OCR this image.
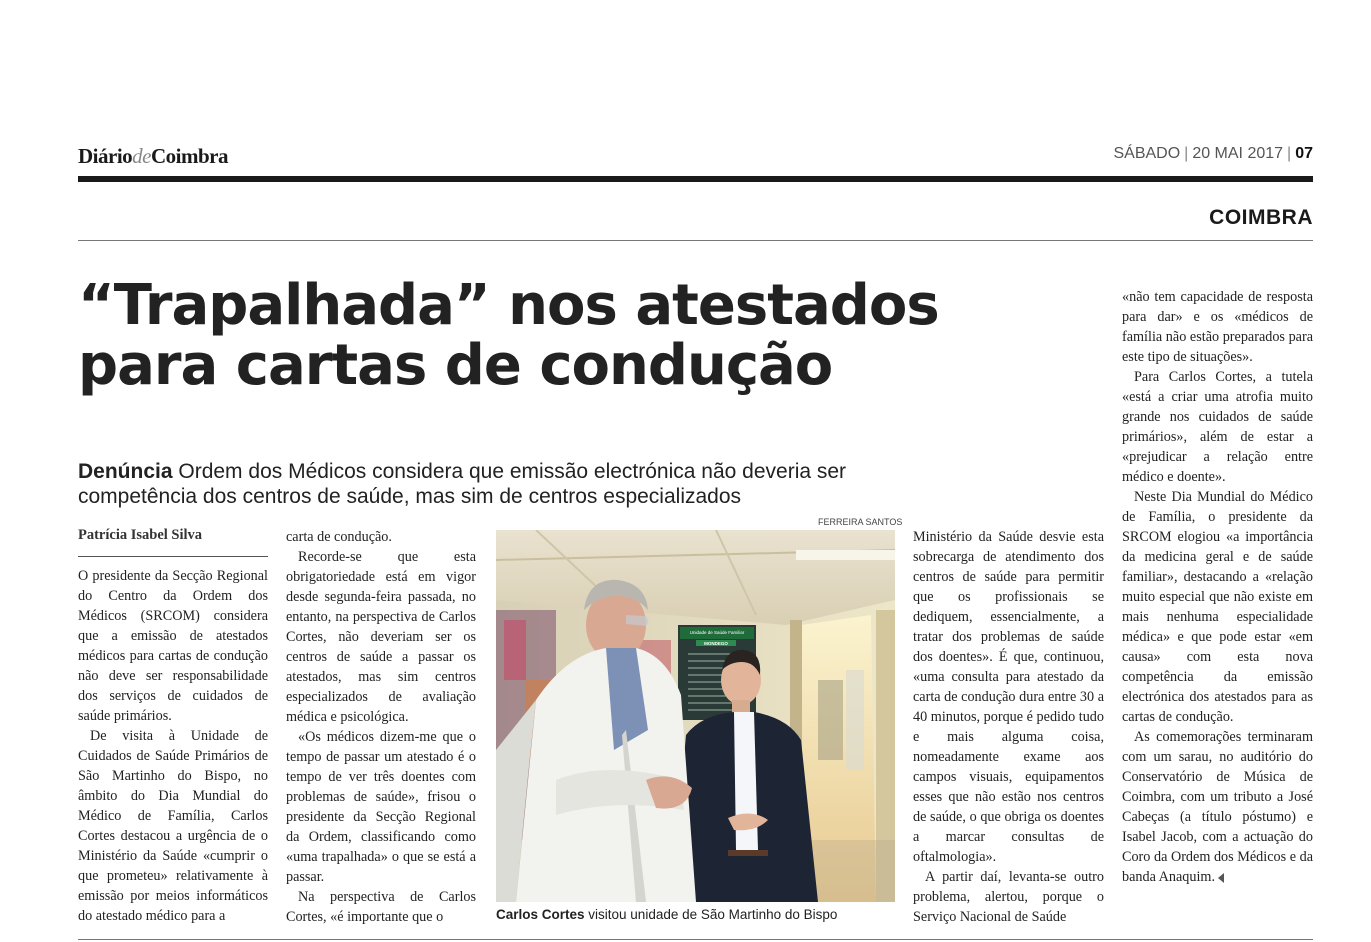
DiáriodeCoimbra	SÁBADO | 20 MAI 2017 | 07
COIMBRA
“Trapalhada” nos atestados
para cartas de condução
Denúncia Ordem dos Médicos considera que emissão electrónica não deveria ser competência dos centros de saúde, mas sim de centros especializados
Patrícia Isabel Silva

O presidente da Secção Regional do Centro da Ordem dos Médicos (SRCOM) considera que a emissão de atestados médicos para cartas de condução não deve ser responsabilidade dos serviços de cuidados de saúde primários.

De visita à Unidade de Cuidados de Saúde Primários de São Martinho do Bispo, no âmbito do Dia Mundial do Médico de Família, Carlos Cortes destacou a urgência de o Ministério da Saúde «cumprir o que prometeu» relativamente à emissão por meios informáticos do atestado médico para a

carta de condução.

Recorde-se que esta obrigatoriedade está em vigor desde segunda-feira passada, no entanto, na perspectiva de Carlos Cortes, não deveriam ser os centros de saúde a passar os atestados, mas sim centros especializados de avaliação médica e psicológica.

«Os médicos dizem-me que o tempo de passar um atestado é o tempo de ver três doentes com problemas de saúde», frisou o presidente da Secção Regional da Ordem, classificando como «uma trapalhada» o que se está a passar.

Na perspectiva de Carlos Cortes, «é importante que o

FERREIRA SANTOS
Unidade de Saúde Familiar
MONDEGO
Carlos Cortes visitou unidade de São Martinho do Bispo

Ministério da Saúde desvie esta sobrecarga de atendimento dos centros de saúde para permitir que os profissionais se dediquem, essencialmente, a tratar dos problemas de saúde dos doentes». É que, continuou, «uma consulta para atestado da carta de condução dura entre 30 a 40 minutos, porque é pedido tudo e mais alguma coisa, nomeadamente exame aos campos visuais, equipamentos esses que não estão nos centros de saúde, o que obriga os doentes a marcar consultas de oftalmologia».

A partir daí, levanta-se outro problema, alertou, porque o Serviço Nacional de Saúde

«não tem capacidade de resposta para dar» e os «médicos de família não estão preparados para este tipo de situações».

Para Carlos Cortes, a tutela «está a criar uma atrofia muito grande nos cuidados de saúde primários», além de estar a «prejudicar a relação entre médico e doente».

Neste Dia Mundial do Médico de Família, o presidente da SRCOM elogiou «a importância da medicina geral e de saúde familiar», destacando a «relação muito especial que não existe em mais nenhuma especialidade médica» e que pode estar «em causa» com esta nova competência da emissão electrónica dos atestados para as cartas de condução.

As comemorações terminaram com um sarau, no auditório do Conservatório de Música de Coimbra, com um tributo a José Cabeças (a título póstumo) e Isabel Jacob, com a actuação do Coro da Ordem dos Médicos e da banda Anaquim.
